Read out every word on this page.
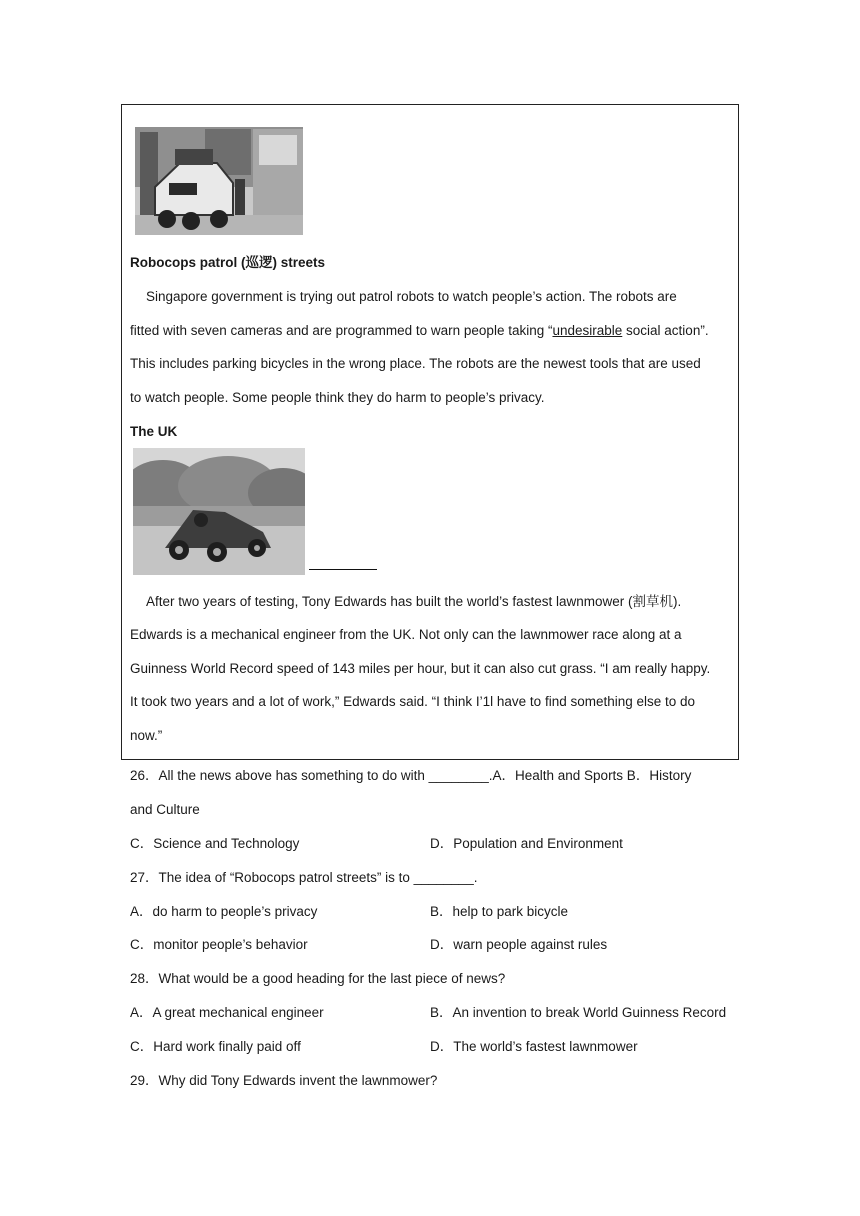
Robocops patrol (巡逻) streets
Singapore government is trying out patrol robots to watch people’s action. The robots are
fitted with seven cameras and are programmed to warn people taking “undesirable social action”.
This includes parking bicycles in the wrong place. The robots are the newest tools that are used
to watch people. Some people think they do harm to people’s privacy.
The UK
After two years of testing, Tony Edwards has built the world’s fastest lawnmower (割草机).
Edwards is a mechanical engineer from the UK. Not only can the lawnmower race along at a
Guinness World Record speed of 143 miles per hour, but it can also cut grass. “I am really happy.
It took two years and a lot of work,” Edwards said. “I think I’1l have to find something else to do
now.”
26．All the news above has something to do with ________.A．Health and Sports B．History
and Culture
C．Science and Technology	D．Population and Environment
27．The idea of “Robocops patrol streets” is to ________.
A．do harm to people’s privacy	B．help to park bicycle
C．monitor people’s behavior	D．warn people against rules
28．What would be a good heading for the last piece of news?
A．A great mechanical engineer	B．An invention to break World Guinness Record
C．Hard work finally paid off	D．The world’s fastest lawnmower
29．Why did Tony Edwards invent the lawnmower?
